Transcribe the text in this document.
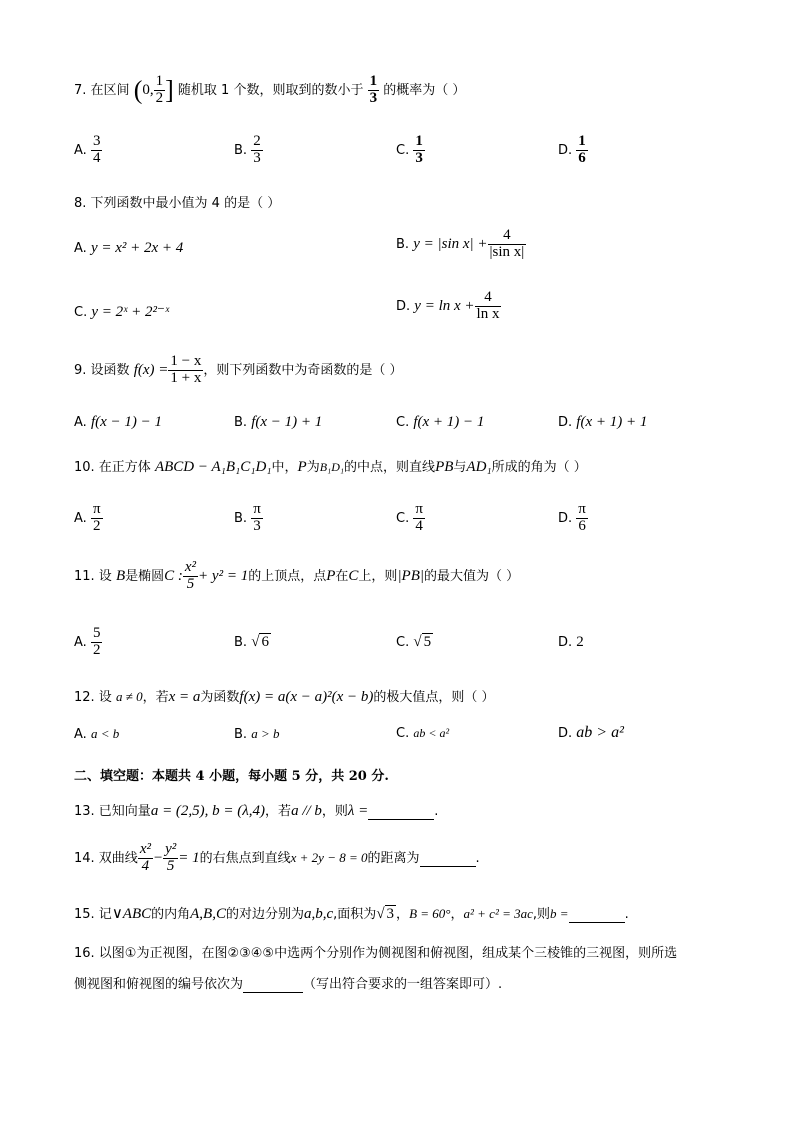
7. 在区间 (0, $\frac{1}{2}$ ] 随机取 1 个数，则取到的数小于 $\frac{1}{3}$ 的概率为（ ）
A. $\frac{3}{4}$	B. $\frac{2}{3}$	C. $\frac{1}{3}$	D. $\frac{1}{6}$
8. 下列函数中最小值为 4 的是（ ）
A. y = x² + 2x + 4	B. y = |sin $x| + \frac{4}{\text{|sin x|}}$
C. y = 2ˣ + 2²⁻ˣ	D. $y = \ln x + \frac{4}{\text{ln x}}$
9. 设函数 $f(x) = \frac{1 - x}{1 + x}$ ，则下列函数中为奇函数的是（ ）
A. f(x − 1) − 1	B. f(x − 1) + 1	C. f(x + 1) − 1	D. f(x + 1) + 1
10. 在正方体 ABCD − A₁B₁C₁D₁中，P为B₁D₁的中点，则直线PB与AD₁所成的角为（ ）
A. $\frac{\pi}{2}$	B. $\frac{\pi}{3}$	C. $\frac{\pi}{4}$	D. $\frac{\pi}{6}$
11. 设 B是椭圆C : $\frac{\text{x²}}{5} + y^2 = 1$的上顶点，点P在C上，则|PB|的最大值为（ ）
A. $\frac{5}{2}$	B. √ 6	C. √ 5	D. 2
12. 设 a ≠ 0，若x = a为函数f(x) = a(x − a)²(x − b)的极大值点，则（ ）
A. a < b	B. a > b	C. ab < a²	D. ab > a²
二、填空题：本题共 4 小题，每小题 5 分，共 20 分.
13. 已知向量a = (2,5), b = (λ,4)，若a // b，则λ =	.
14. 双曲线 $\frac{\text{x²}}{4} - \frac{\text{y²}}{5} = 1$的右焦点到直线x + 2y − 8 = 0的距离为	.
15. 记∨ABC的内角A,B,C的对边分别为a,b,c,面积为√ 3 ，B = 60°，a² + c² = 3ac,则b =	.
16. 以图①为正视图，在图②③④⑤中选两个分别作为侧视图和俯视图，组成某个三棱锥的三视图，则所选
侧视图和俯视图的编号依次为	（写出符合要求的一组答案即可）.
